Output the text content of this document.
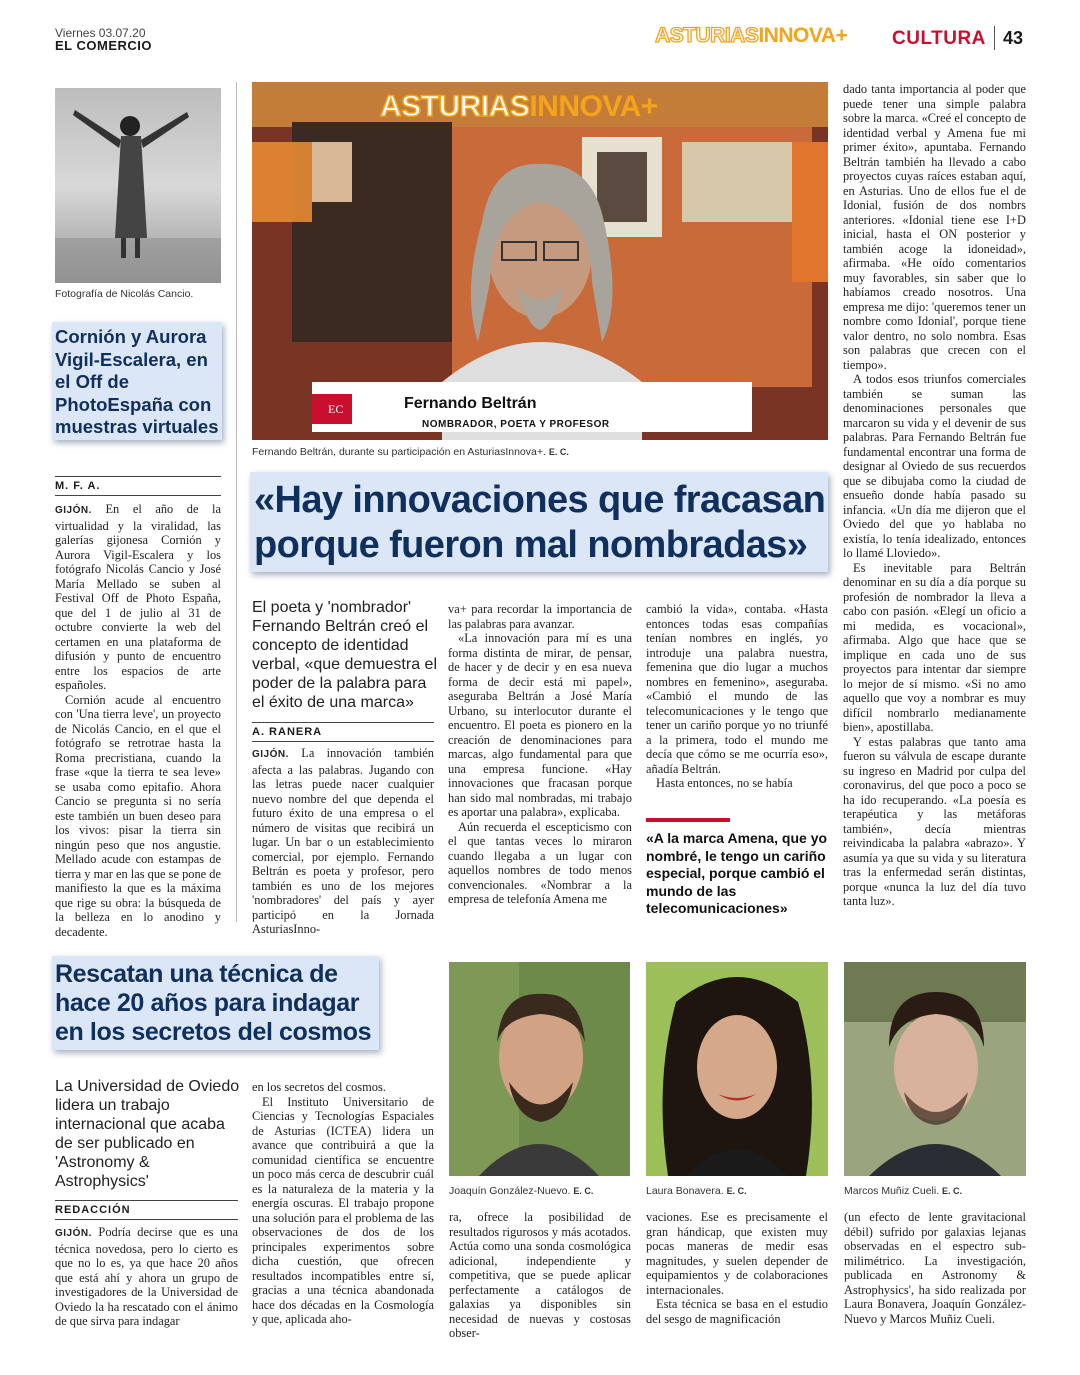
Viernes 03.07.20
EL COMERCIO	ASTURIASINNOVA+ CULTURA 43
Fotografía de Nicolás Cancio.
Cornión y Aurora Vigil-Escalera, en el Off de PhotoEspaña con muestras virtuales
M. F. A.

GIJÓN. En el año de la virtualidad y la viralidad, las galerías gijonesa Cornión y Aurora Vigil-Escalera y los fotógrafo Nicolás Cancio y José María Mellado se suben al Festival Off de Photo España, que del 1 de julio al 31 de octubre convierte la web del certamen en una plataforma de difusión y punto de encuentro entre los espacios de arte españoles.

Cornión acude al encuentro con 'Una tierra leve', un proyecto de Nicolás Cancio, en el que el fotógrafo se retrotrae hasta la Roma precristiana, cuando la frase «que la tierra te sea leve» se usaba como epitafio. Ahora Cancio se pregunta si no sería este también un buen deseo para los vivos: pisar la tierra sin ningún peso que nos angustie. Mellado acude con estampas de tierra y mar en las que se pone de manifiesto la que es la máxima que rige su obra: la búsqueda de la belleza en lo anodino y decadente.

ASTURIASINNOVA+
EC	Fernando Beltrán
NOMBRADOR, POETA Y PROFESOR
Fernando Beltrán, durante su participación en AsturiasInnova+. E. C.
«Hay innovaciones que fracasan porque fueron mal nombradas»
El poeta y 'nombrador' Fernando Beltrán creó el concepto de identidad verbal, «que demuestra el poder de la palabra para el éxito de una marca»
A. RANERA

GIJÓN. La innovación también afecta a las palabras. Jugando con las letras puede nacer cualquier nuevo nombre del que dependa el futuro éxito de una empresa o el número de visitas que recibirá un lugar. Un bar o un establecimiento comercial, por ejemplo. Fernando Beltrán es poeta y profesor, pero también es uno de los mejores 'nombradores' del país y ayer participó en la Jornada AsturiasInno-

va+ para recordar la importancia de las palabras para avanzar.

«La innovación para mí es una forma distinta de mirar, de pensar, de hacer y de decir y en esa nueva forma de decir está mi papel», aseguraba Beltrán a José María Urbano, su interlocutor durante el encuentro. El poeta es pionero en la creación de denominaciones para marcas, algo fundamental para que una empresa funcione. «Hay innovaciones que fracasan porque han sido mal nombradas, mi trabajo es aportar una palabra», explicaba.

Aún recuerda el escepticismo con el que tantas veces lo miraron cuando llegaba a un lugar con aquellos nombres de todo menos convencionales. «Nombrar a la empresa de telefonía Amena me

cambió la vida», contaba. «Hasta entonces todas esas compañías tenían nombres en inglés, yo introduje una palabra nuestra, femenina que dio lugar a muchos nombres en femenino», aseguraba. «Cambió el mundo de las telecomunicaciones y le tengo que tener un cariño porque yo no triunfé a la primera, todo el mundo me decía que cómo se me ocurría eso», añadía Beltrán.

Hasta entonces, no se había

«A la marca Amena, que yo nombré, le tengo un cariño especial, porque cambió el mundo de las telecomunicaciones»

dado tanta importancia al poder que puede tener una simple palabra sobre la marca. «Creé el concepto de identidad verbal y Amena fue mi primer éxito», apuntaba. Fernando Beltrán también ha llevado a cabo proyectos cuyas raíces estaban aquí, en Asturias. Uno de ellos fue el de Idonial, fusión de dos nombrs anteriores. «Idonial tiene ese I+D inicial, hasta el ON posterior y también acoge la idoneidad», afirmaba. «He oído comentarios muy favorables, sin saber que lo habíamos creado nosotros. Una empresa me dijo: 'queremos tener un nombre como Idonial', porque tiene valor dentro, no solo nombra. Esas son palabras que crecen con el tiempo».

A todos esos triunfos comerciales también se suman las denominaciones personales que marcaron su vida y el devenir de sus palabras. Para Fernando Beltrán fue fundamental encontrar una forma de designar al Oviedo de sus recuerdos que se dibujaba como la ciudad de ensueño donde había pasado su infancia. «Un día me dijeron que el Oviedo del que yo hablaba no existía, lo tenía idealizado, entonces lo llamé Lloviedo».

Es inevitable para Beltrán denominar en su día a día porque su profesión de nombrador la lleva a cabo con pasión. «Elegí un oficio a mi medida, es vocacional», afirmaba. Algo que hace que se implique en cada uno de sus proyectos para intentar dar siempre lo mejor de sí mismo. «Si no amo aquello que voy a nombrar es muy difícil nombrarlo medianamente bien», apostillaba.

Y estas palabras que tanto ama fueron su válvula de escape durante su ingreso en Madrid por culpa del coronavirus, del que poco a poco se ha ido recuperando. «La poesía es terapéutica y las metáforas también», decía mientras reivindicaba la palabra «abrazo». Y asumía ya que su vida y su literatura tras la enfermedad serán distintas, porque «nunca la luz del día tuvo tanta luz».

Rescatan una técnica de hace 20 años para indagar en los secretos del cosmos
La Universidad de Oviedo lidera un trabajo internacional que acaba de ser publicado en 'Astronomy & Astrophysics'
REDACCIÓN

GIJÓN. Podría decirse que es una técnica novedosa, pero lo cierto es que no lo es, ya que hace 20 años que está ahí y ahora un grupo de investigadores de la Universidad de Oviedo la ha rescatado con el ánimo de que sirva para indagar

en los secretos del cosmos.

El Instituto Universitario de Ciencias y Tecnologías Espaciales de Asturias (ICTEA) lidera un avance que contribuirá a que la comunidad científica se encuentre un poco más cerca de descubrir cuál es la naturaleza de la materia y la energía oscuras. El trabajo propone una solución para el problema de las observaciones de dos de los principales experimentos sobre dicha cuestión, que ofrecen resultados incompatibles entre sí, gracias a una técnica abandonada hace dos décadas en la Cosmología y que, aplicada aho-

Joaquín González-Nuevo. E. C.	Laura Bonavera. E. C.	Marcos Muñiz Cueli. E. C.

ra, ofrece la posibilidad de resultados rigurosos y más acotados. Actúa como una sonda cosmológica adicional, independiente y competitiva, que se puede aplicar perfectamente a catálogos de galaxias ya disponibles sin necesidad de nuevas y costosas obser-

vaciones. Ese es precisamente el gran hándicap, que existen muy pocas maneras de medir esas magnitudes, y suelen depender de equipamientos y de colaboraciones internacionales.

Esta técnica se basa en el estudio del sesgo de magnificación

(un efecto de lente gravitacional débil) sufrido por galaxias lejanas observadas en el espectro sub-milimétrico. La investigación, publicada en Astronomy & Astrophysics', ha sido realizada por Laura Bonavera, Joaquín González-Nuevo y Marcos Muñiz Cueli.
